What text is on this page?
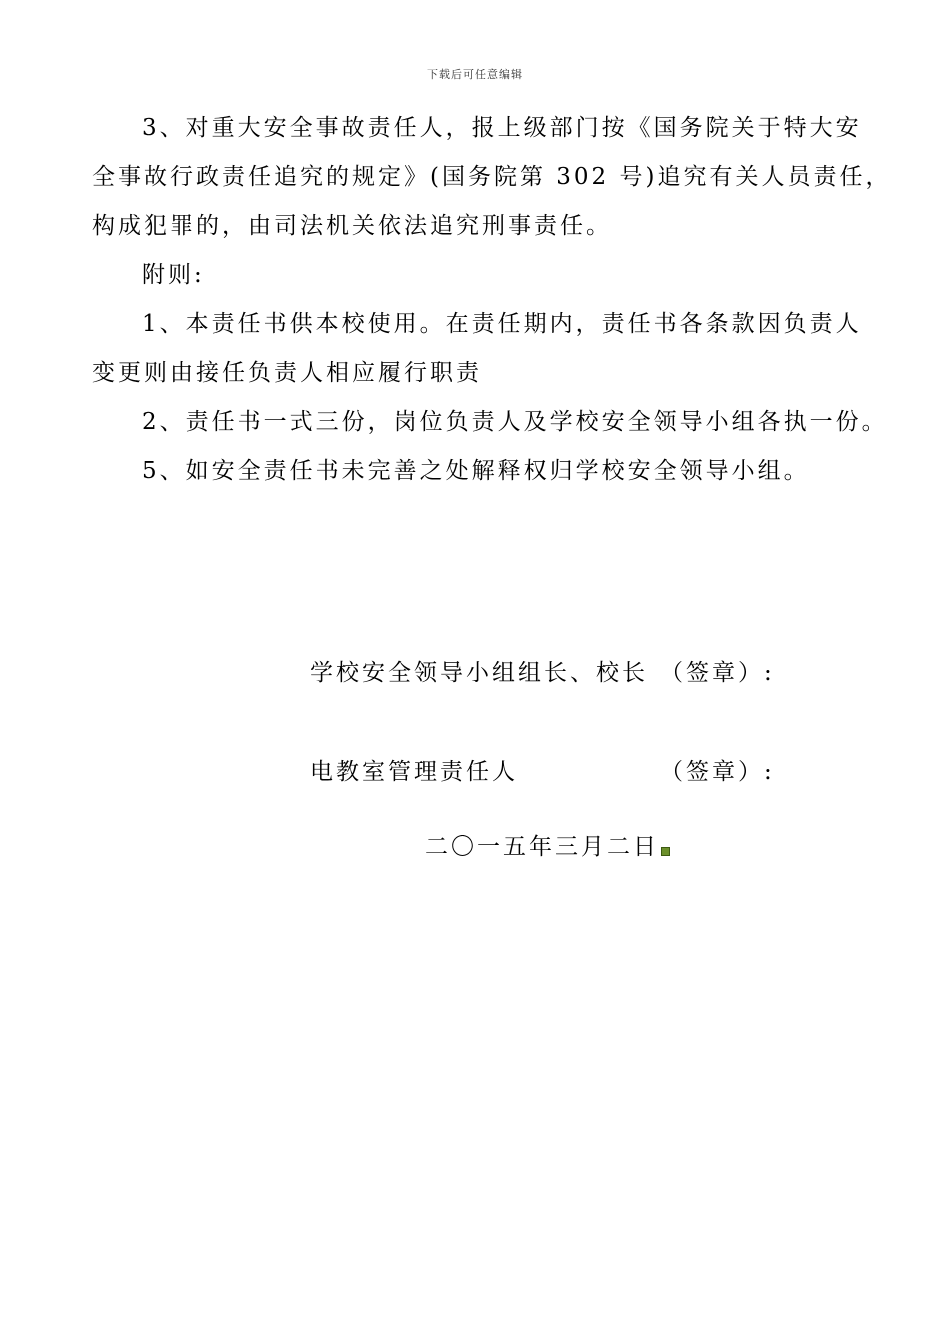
下载后可任意编辑
3、对重大安全事故责任人，报上级部门按《国务院关于特大安
全事故行政责任追究的规定》(国务院第 302 号)追究有关人员责任，
构成犯罪的，由司法机关依法追究刑事责任。
附则:
1、本责任书供本校使用。在责任期内，责任书各条款因负责人
变更则由接任负责人相应履行职责
2、责任书一式三份，岗位负责人及学校安全领导小组各执一份。
5、如安全责任书未完善之处解释权归学校安全领导小组。
学校安全领导小组组长、校长 （签章）:
电教室管理责任人	（签章）:
二〇一五年三月二日
